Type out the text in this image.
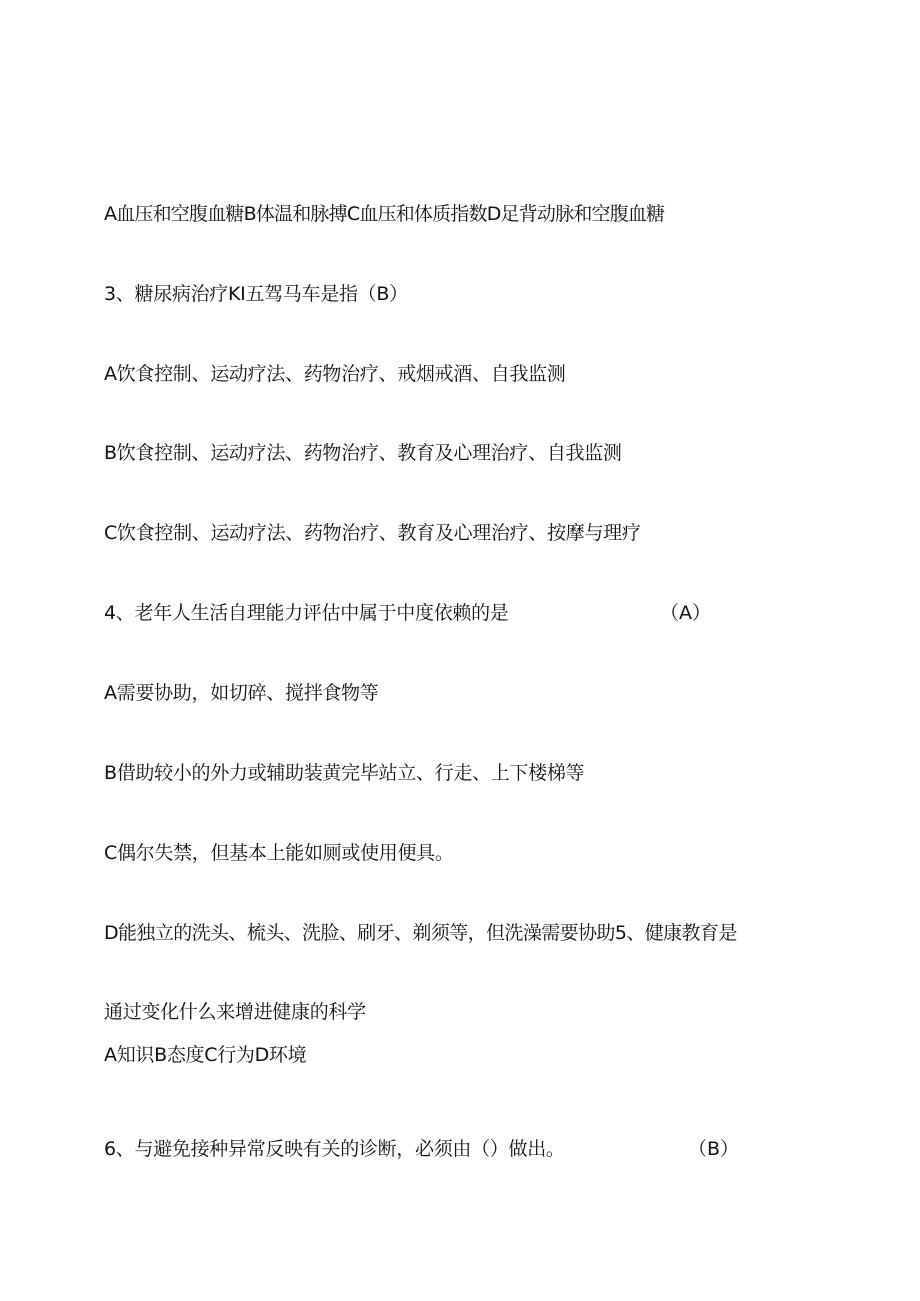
A血压和空腹血糖B体温和脉搏C血压和体质指数D足背动脉和空腹血糖
3、糖尿病治疗KI五驾马车是指（B）
A饮食控制、运动疗法、药物治疗、戒烟戒酒、自我监测
B饮食控制、运动疗法、药物治疗、教育及心理治疗、自我监测
C饮食控制、运动疗法、药物治疗、教育及心理治疗、按摩与理疗
4、老年人生活自理能力评估中属于中度依赖的是	（A）
A需要协助，如切碎、搅拌食物等
B借助较小的外力或辅助装黄完毕站立、行走、上下楼梯等
C偶尔失禁，但基本上能如厕或使用便具。
D能独立的洗头、梳头、洗脸、刷牙、剃须等，但洗澡需要协助5、健康教育是
通过变化什么来增进健康的科学
A知识B态度C行为D环境
6、与避免接种异常反映有关的诊断，必须由（）做出。	（B）
